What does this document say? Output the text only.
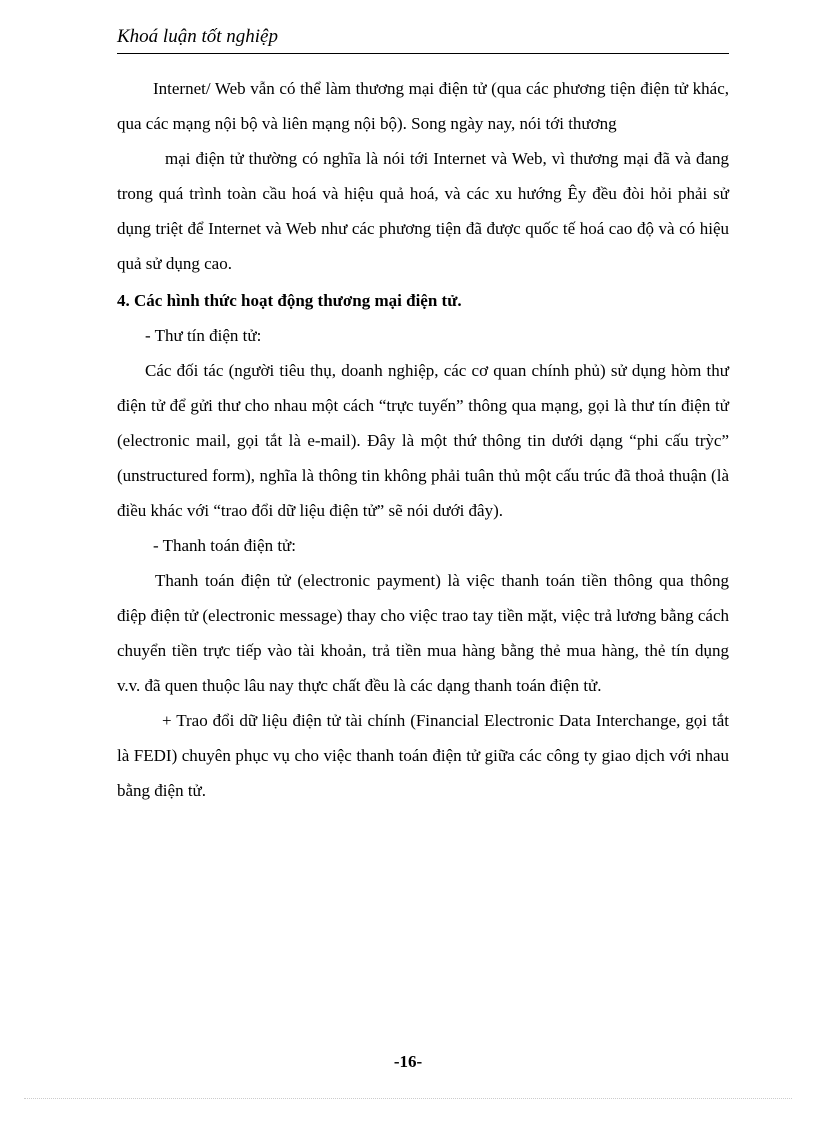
Khoá luận tốt nghiệp

Internet/ Web vẫn có thể làm thương mại điện tử (qua các phương tiện điện tử khác, qua các mạng nội bộ và liên mạng nội bộ). Song ngày nay, nói tới thương

mại điện tử thường có nghĩa là nói tới Internet và Web, vì thương mại đã và đang trong quá trình toàn cầu hoá và hiệu quả hoá, và các xu hướng Êy đều đòi hỏi phải sử dụng triệt để Internet và Web như các phương tiện đã được quốc tế hoá cao độ và có hiệu quả sử dụng cao.

4. Các hình thức hoạt động thương mại điện tử.

- Thư tín điện tử:

Các đối tác (người tiêu thụ, doanh nghiệp, các cơ quan chính phủ) sử dụng hòm thư điện tử để gửi thư cho nhau một cách “trực tuyến” thông qua mạng, gọi là thư tín điện tử (electronic mail, gọi tắt là e-mail). Đây là một thứ thông tin dưới dạng “phi cấu trỳc” (unstructured form), nghĩa là thông tin không phải tuân thủ một cấu trúc đã thoả thuận (là điều khác với “trao đổi dữ liệu điện tử” sẽ nói dưới đây).

- Thanh toán điện tử:

Thanh toán điện tử (electronic payment) là việc thanh toán tiền thông qua thông điệp điện tử (electronic message) thay cho việc trao tay tiền mặt, việc trả lương bằng cách chuyển tiền trực tiếp vào tài khoản, trả tiền mua hàng bằng thẻ mua hàng, thẻ tín dụng v.v. đã quen thuộc lâu nay thực chất đều là các dạng thanh toán điện tử.

+ Trao đổi dữ liệu điện tử tài chính (Financial Electronic Data Interchange, gọi tắt là FEDI) chuyên phục vụ cho việc thanh toán điện tử giữa các công ty giao dịch với nhau bằng điện tử.

-16-
